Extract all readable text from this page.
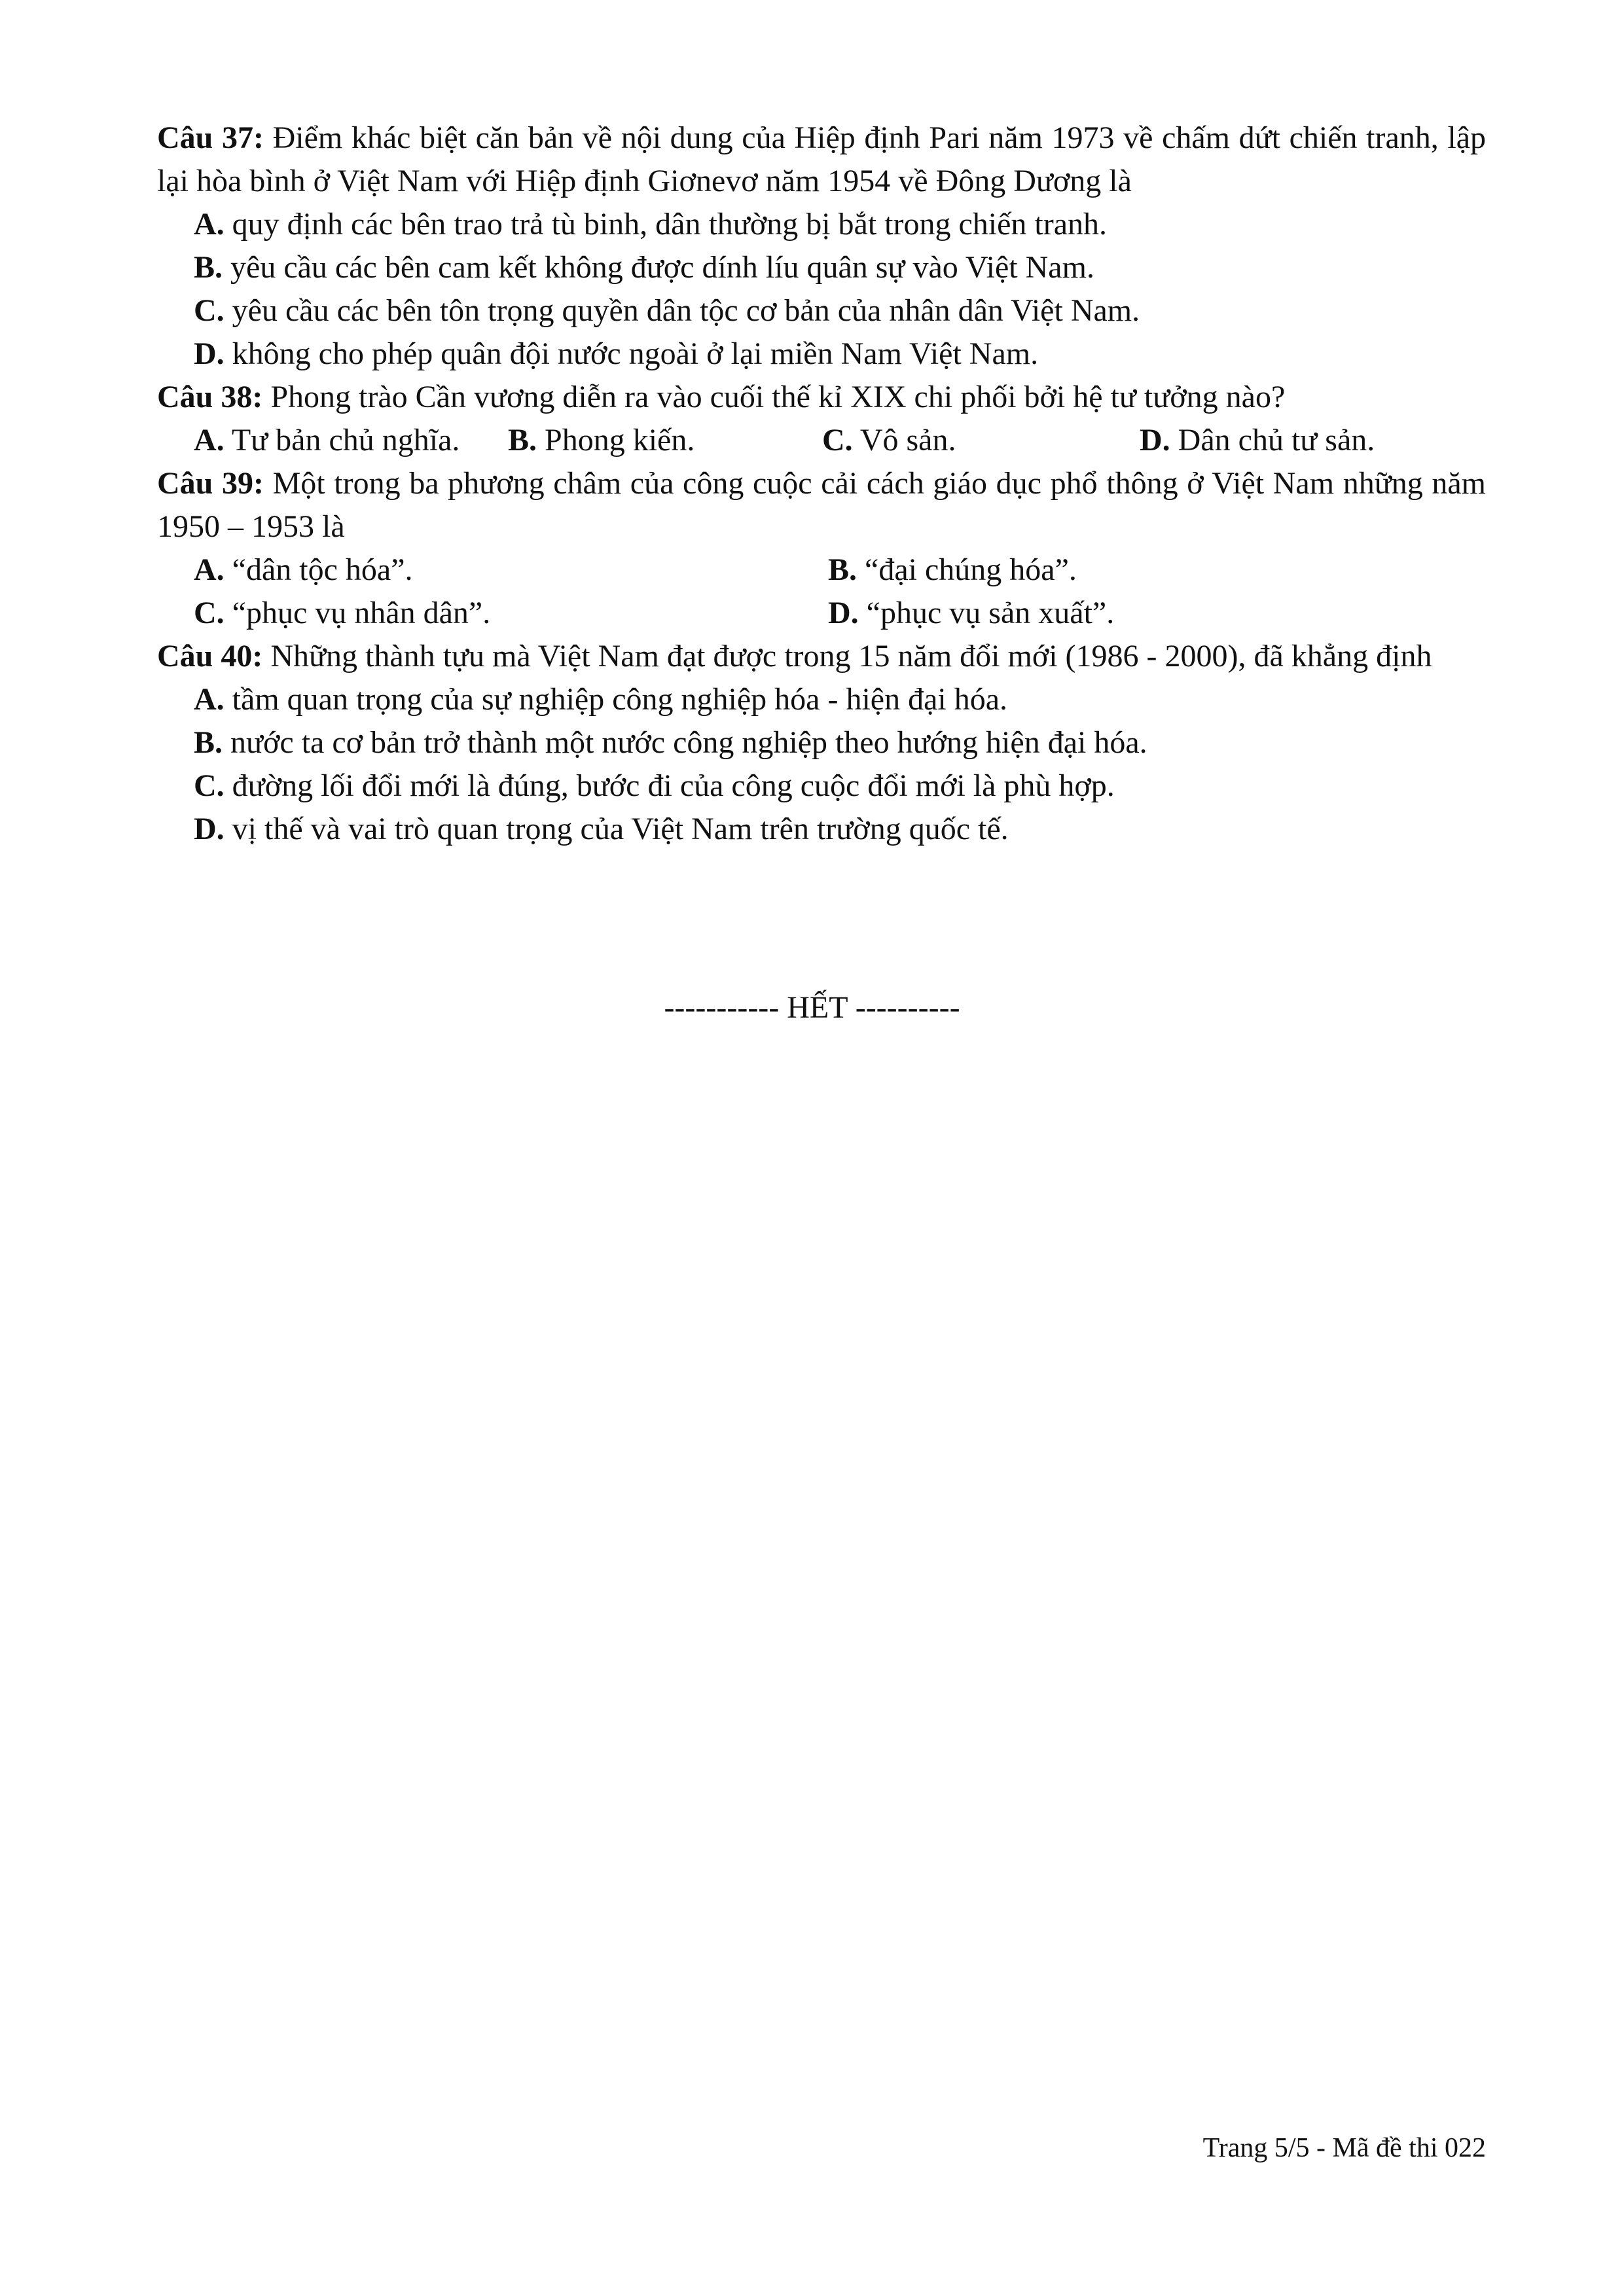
Câu 37: Điểm khác biệt căn bản về nội dung của Hiệp định Pari năm 1973 về chấm dứt chiến tranh, lập lại hòa bình ở Việt Nam với Hiệp định Giơnevơ năm 1954 về Đông Dương là
A. quy định các bên trao trả tù binh, dân thường bị bắt trong chiến tranh.
B. yêu cầu các bên cam kết không được dính líu quân sự vào Việt Nam.
C. yêu cầu các bên tôn trọng quyền dân tộc cơ bản của nhân dân Việt Nam.
D. không cho phép quân đội nước ngoài ở lại miền Nam Việt Nam.
Câu 38: Phong trào Cần vương diễn ra vào cuối thế kỉ XIX chi phối bởi hệ tư tưởng nào?
A. Tư bản chủ nghĩa.	B. Phong kiến.	C. Vô sản.	D. Dân chủ tư sản.
Câu 39: Một trong ba phương châm của công cuộc cải cách giáo dục phổ thông ở Việt Nam những năm 1950 – 1953 là
A. “dân tộc hóa”.	B. “đại chúng hóa”.
C. “phục vụ nhân dân”.	D. “phục vụ sản xuất”.
Câu 40: Những thành tựu mà Việt Nam đạt được trong 15 năm đổi mới (1986 - 2000), đã khẳng định
A. tầm quan trọng của sự nghiệp công nghiệp hóa - hiện đại hóa.
B. nước ta cơ bản trở thành một nước công nghiệp theo hướng hiện đại hóa.
C. đường lối đổi mới là đúng, bước đi của công cuộc đổi mới là phù hợp.
D. vị thế và vai trò quan trọng của Việt Nam trên trường quốc tế.
----------- HẾT ----------
Trang 5/5 - Mã đề thi 022
